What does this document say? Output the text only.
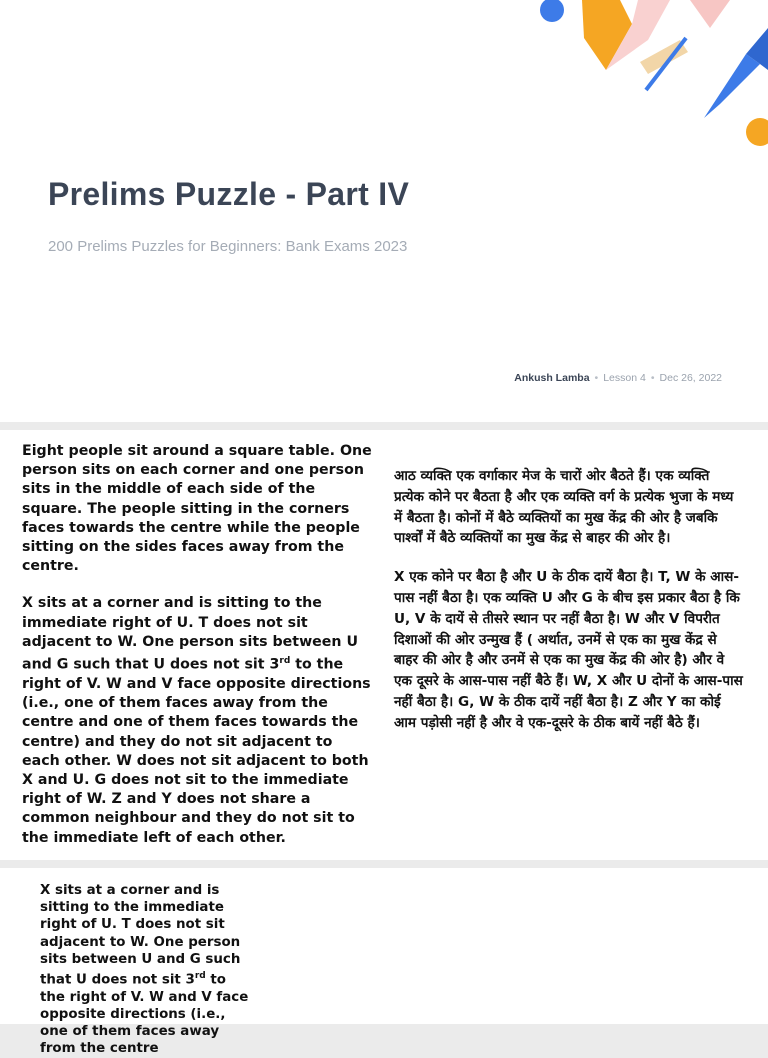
Prelims Puzzle - Part IV
200 Prelims Puzzles for Beginners: Bank Exams 2023
Ankush Lamba • Lesson 4 • Dec 26, 2022

Eight people sit around a square table. One person sits on each corner and one person sits in the middle of each side of the square. The people sitting in the corners faces towards the centre while the people sitting on the sides faces away from the centre.

X sits at a corner and is sitting to the immediate right of U. T does not sit adjacent to W. One person sits between U and G such that U does not sit 3rd to the right of V. W and V face opposite directions (i.e., one of them faces away from the centre and one of them faces towards the centre) and they do not sit adjacent to each other. W does not sit adjacent to both X and U. G does not sit to the immediate right of W. Z and Y does not share a common neighbour and they do not sit to the immediate left of each other.

आठ व्यक्ति एक वर्गाकार मेज के चारों ओर बैठते हैं। एक व्यक्ति प्रत्येक कोने पर बैठता है और एक व्यक्ति वर्ग के प्रत्येक भुजा के मध्य में बैठता है। कोनों में बैठे व्यक्तियों का मुख केंद्र की ओर है जबकि पार्श्वों में बैठे व्यक्तियों का मुख केंद्र से बाहर की ओर है।

X एक कोने पर बैठा है और U के ठीक दायें बैठा है। T, W के आस-पास नहीं बैठा है। एक व्यक्ति U और G के बीच इस प्रकार बैठा है कि U, V के दायें से तीसरे स्थान पर नहीं बैठा है। W और V विपरीत दिशाओं की ओर उन्मुख हैं ( अर्थात, उनमें से एक का मुख केंद्र से बाहर की ओर है और उनमें से एक का मुख केंद्र की ओर है) और वे एक दूसरे के आस-पास नहीं बैठे हैं। W, X और U दोनों के आस-पास नहीं बैठा है। G, W के ठीक दायें नहीं बैठा है। Z और Y का कोई आम पड़ोसी नहीं है और वे एक-दूसरे के ठीक बायें नहीं बैठे हैं।

X sits at a corner and is sitting to the immediate right of U. T does not sit adjacent to W. One person sits between U and G such that U does not sit 3rd to the right of V. W and V face opposite directions (i.e., one of them faces away from the centre
